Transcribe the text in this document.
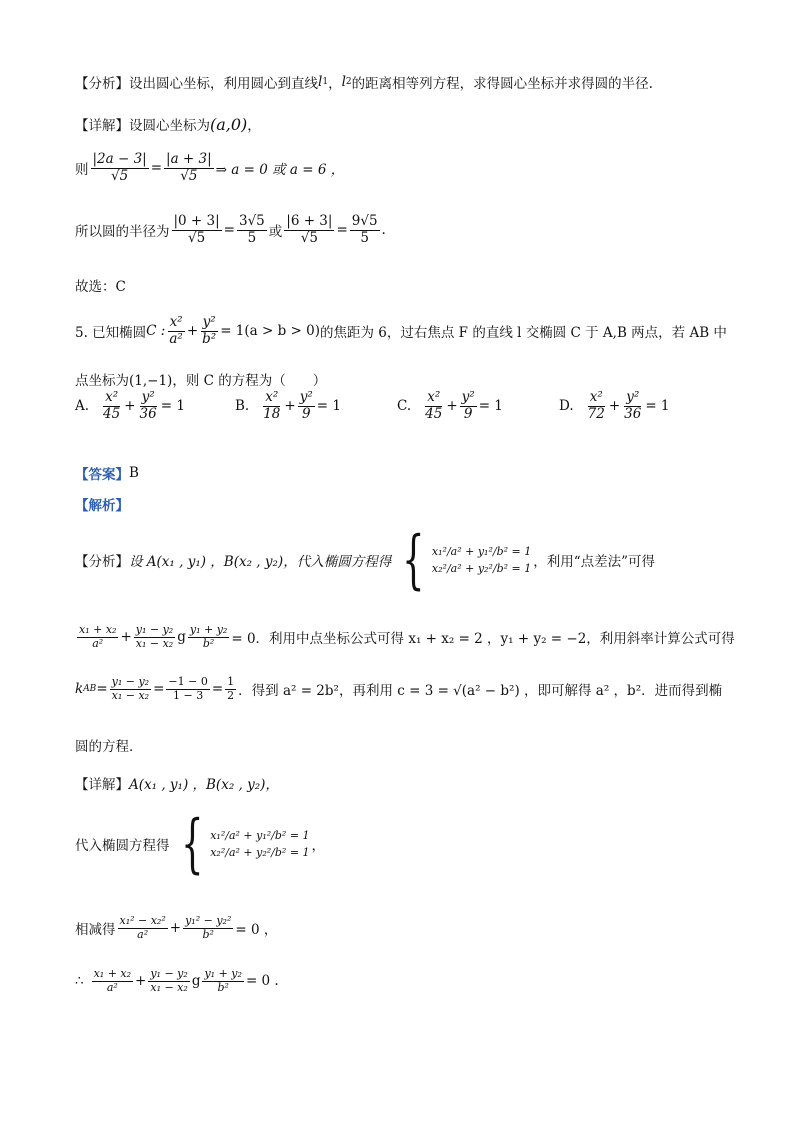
【分析】 设出圆心坐标，利用圆心到直线 l 1 ， l 2 的距离相等列方程，求得圆心坐标并求得圆的半径.
【详解】 设圆心坐标为 (a,0) ，
则 $\frac{|2a - 3|}{√5} = \frac{|a + 3|}{√5}$ ⇒ a = 0 或 a = 6 ，
所以圆的半径为 $\frac{|0 + 3|}{√5} = \frac{3√5}{5}$ 或 $\frac{|6 + 3|}{√5} = \frac{9√5}{5}$ .
故选：C
5. 已知椭圆 C : $\frac{\text{x²}}{\text{a²}} + \frac{\text{y²}}{\text{b²}} = 1(a > b > 0)$ 的焦距为 6，过右焦点 F 的直线 l 交椭圆 C 于 A,B 两点，若 AB 中
点坐标为(1,−1)，则 C 的方程为（　　）
A. $\frac{\text{x²}}{45} + \frac{\text{y²}}{36} = 1$	B. $\frac{\text{x²}}{18} + \frac{\text{y²}}{9} = 1$	C. $\frac{\text{x²}}{45} + \frac{\text{y²}}{9} = 1$	D. $\frac{\text{x²}}{72} + \frac{\text{y²}}{36} = 1$
【答案】 B
【解析】
【分析】 设 A(x₁ , y₁) ，B(x₂ , y₂)，代入椭圆方程得 { x₁²/a² + y₁²/b² = 1
x₂²/a² + y₂²/b² = 1 ，利用“点差法”可得
$\frac{\text{x₁ + x₂}}{\text{a²}} + \frac{\text{y₁ − y₂}}{\text{x₁ − x₂}}$ g $\frac{\text{y₁ + y₂}}{\text{b²}} = 0$．利用中点坐标公式可得 x₁ + x₂ = 2 ，y₁ + y₂ = −2，利用斜率计算公式可得
k AB = $\frac{\text{y₁ − y₂}}{\text{x₁ − x₂}} = \frac{-1 - 0}{1 - 3} = \frac{1}{2}$ ．得到 a² = 2b²，再利用 c = 3 = √(a² − b²) ，即可解得 a² ，b²．进而得到椭
圆的方程．
【详解】 A(x₁ , y₁) ，B(x₂ , y₂)，
代入椭圆方程得 { x₁²/a² + y₁²/b² = 1
x₂²/a² + y₂²/b² = 1 ，
相减得 $\frac{\text{x₁² − x₂²}}{\text{a²}} + \frac{\text{y₁² − y₂²}}{\text{b²}} = 0$ ，
∴ $\frac{\text{x₁ + x₂}}{\text{a²}} + \frac{\text{y₁ − y₂}}{\text{x₁ − x₂}}$ g $\frac{\text{y₁ + y₂}}{\text{b²}} = 0$ .
